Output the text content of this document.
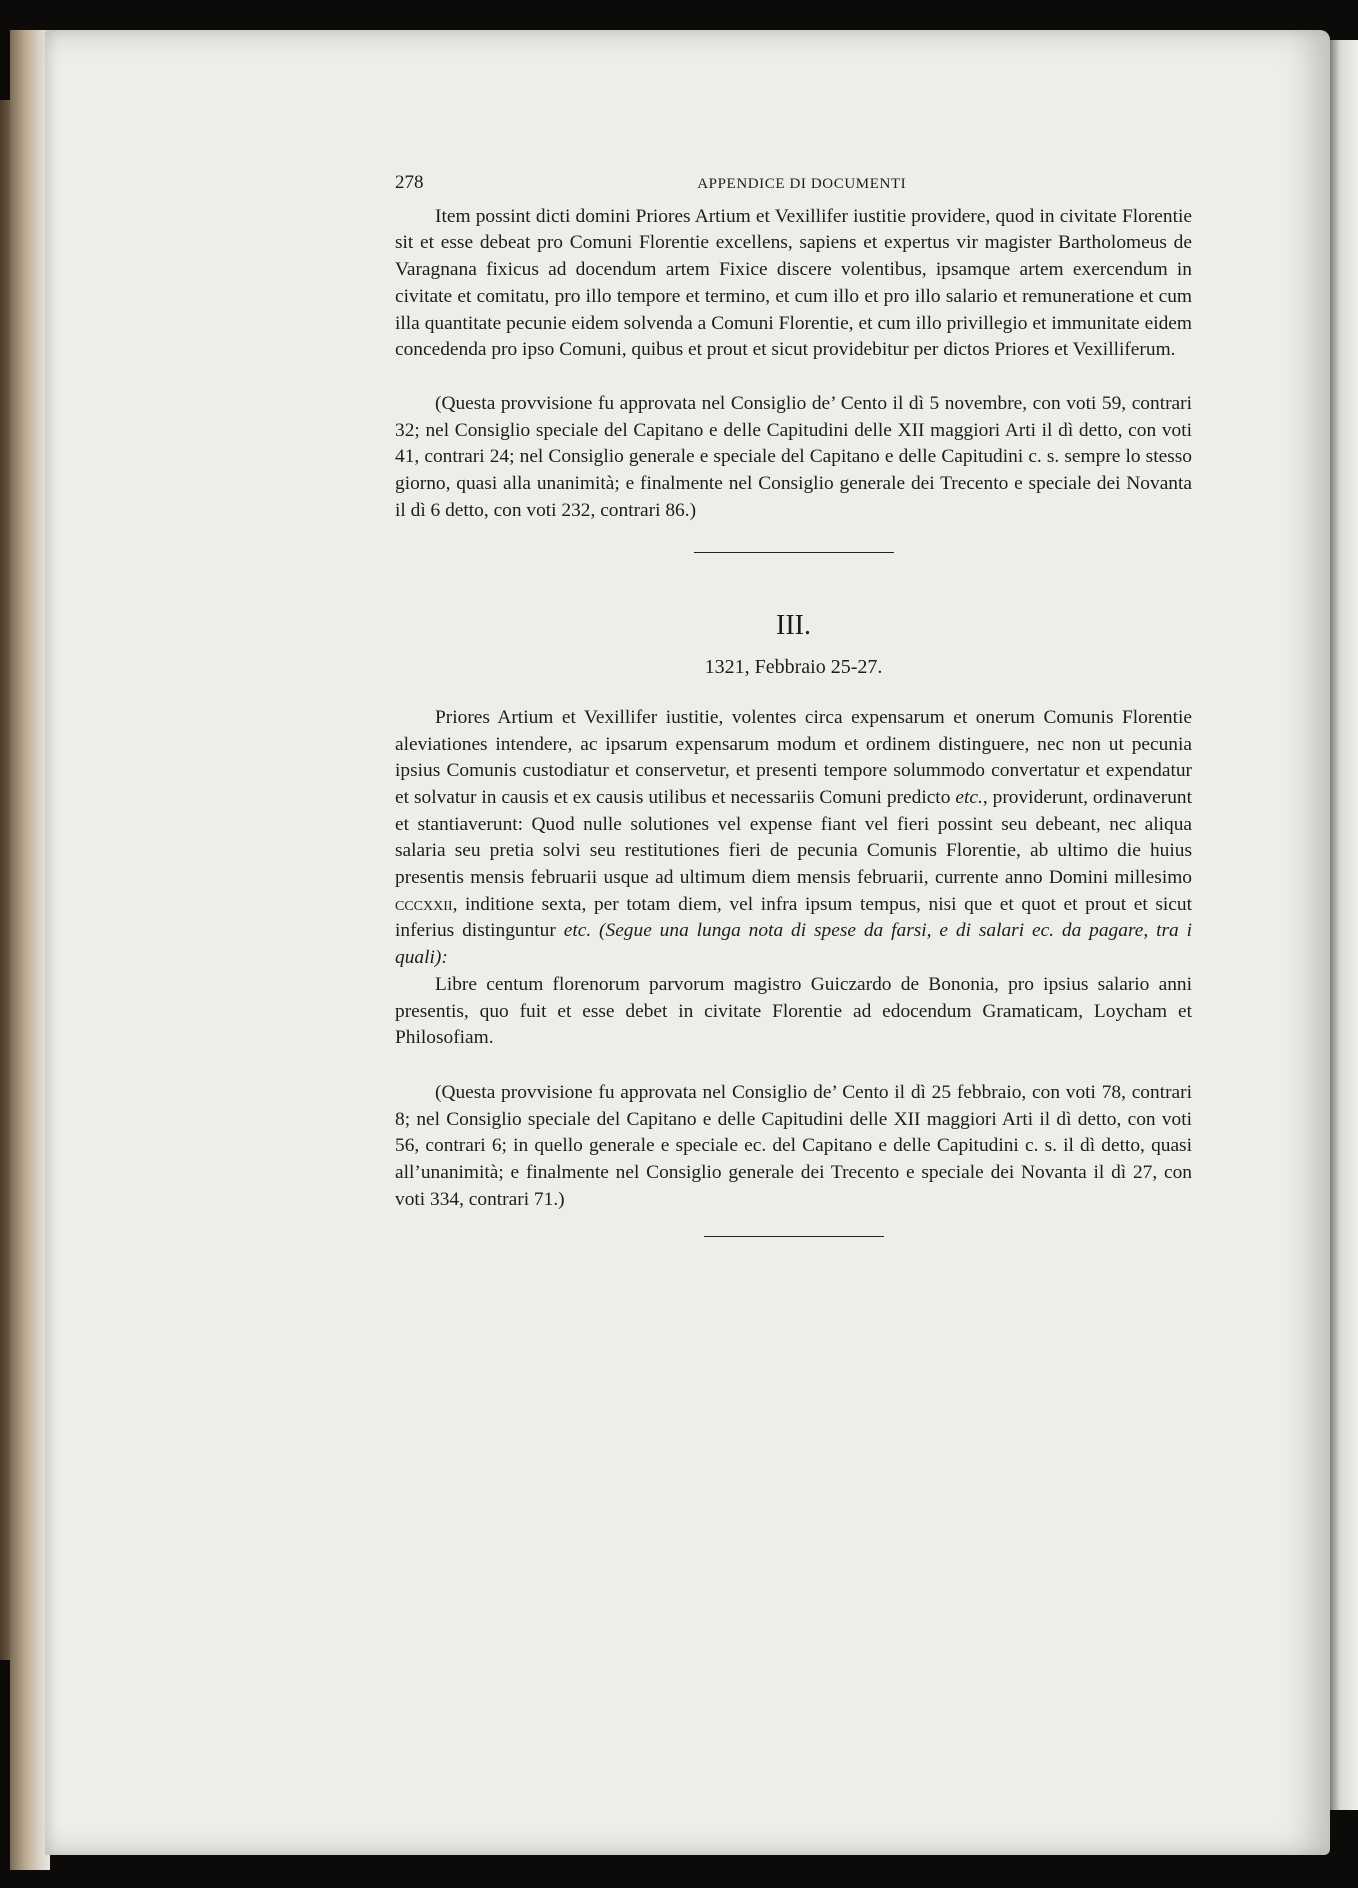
278	APPENDICE DI DOCUMENTI

Item possint dicti domini Priores Artium et Vexillifer iustitie providere, quod in civitate Florentie sit et esse debeat pro Comuni Florentie excellens, sapiens et expertus vir magister Bartholomeus de Varagnana fixicus ad docendum artem Fixice discere volentibus, ipsamque artem exercendum in civitate et comitatu, pro illo tempore et termino, et cum illo et pro illo salario et remuneratione et cum illa quantitate pecunie eidem solvenda a Comuni Florentie, et cum illo privillegio et immunitate eidem concedenda pro ipso Comuni, quibus et prout et sicut providebitur per dictos Priores et Vexilliferum.

(Questa provvisione fu approvata nel Consiglio de’ Cento il dì 5 novembre, con voti 59, contrari 32; nel Consiglio speciale del Capitano e delle Capitudini delle XII maggiori Arti il dì detto, con voti 41, contrari 24; nel Consiglio generale e speciale del Capitano e delle Capitudini c. s. sempre lo stesso giorno, quasi alla unanimità; e finalmente nel Consiglio generale dei Trecento e speciale dei Novanta il dì 6 detto, con voti 232, contrari 86.)

III.
1321, Febbraio 25-27.

Priores Artium et Vexillifer iustitie, volentes circa expensarum et onerum Comunis Florentie aleviationes intendere, ac ipsarum expensarum modum et ordinem distinguere, nec non ut pecunia ipsius Comunis custodiatur et conservetur, et presenti tempore solummodo convertatur et expendatur et solvatur in causis et ex causis utilibus et necessariis Comuni predicto etc., providerunt, ordinaverunt et stantiaverunt: Quod nulle solutiones vel expense fiant vel fieri possint seu debeant, nec aliqua salaria seu pretia solvi seu restitutiones fieri de pecunia Comunis Florentie, ab ultimo die huius presentis mensis februarii usque ad ultimum diem mensis februarii, currente anno Domini millesimo cccxxii, inditione sexta, per totam diem, vel infra ipsum tempus, nisi que et quot et prout et sicut inferius distinguntur etc. (Segue una lunga nota di spese da farsi, e di salari ec. da pagare, tra i quali):

Libre centum florenorum parvorum magistro Guiczardo de Bononia, pro ipsius salario anni presentis, quo fuit et esse debet in civitate Florentie ad edocendum Gramaticam, Loycham et Philosofiam.

(Questa provvisione fu approvata nel Consiglio de’ Cento il dì 25 febbraio, con voti 78, contrari 8; nel Consiglio speciale del Capitano e delle Capitudini delle XII maggiori Arti il dì detto, con voti 56, contrari 6; in quello generale e speciale ec. del Capitano e delle Capitudini c. s. il dì detto, quasi all’unanimità; e finalmente nel Consiglio generale dei Trecento e speciale dei Novanta il dì 27, con voti 334, contrari 71.)
